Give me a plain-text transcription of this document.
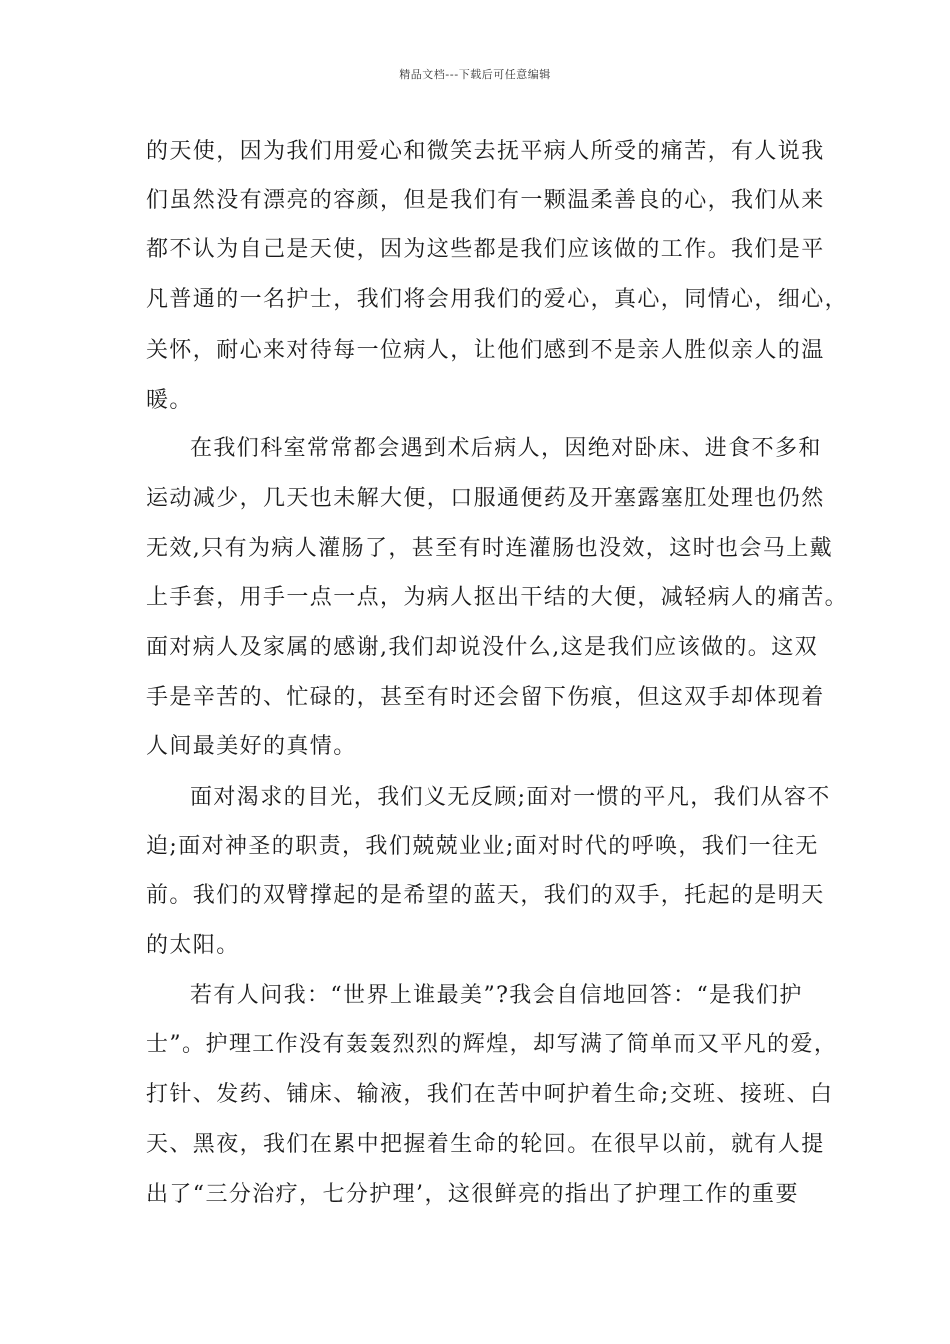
精品文档---下载后可任意编辑
的天使，因为我们用爱心和微笑去抚平病人所受的痛苦，有人说我
们虽然没有漂亮的容颜，但是我们有一颗温柔善良的心，我们从来
都不认为自己是天使，因为这些都是我们应该做的工作。我们是平
凡普通的一名护士，我们将会用我们的爱心，真心，同情心，细心，
关怀，耐心来对待每一位病人，让他们感到不是亲人胜似亲人的温
暖。
在我们科室常常都会遇到术后病人，因绝对卧床、进食不多和
运动减少，几天也未解大便，口服通便药及开塞露塞肛处理也仍然
无效,只有为病人灌肠了，甚至有时连灌肠也没效，这时也会马上戴
上手套，用手一点一点，为病人抠出干结的大便，减轻病人的痛苦。
面对病人及家属的感谢,我们却说没什么,这是我们应该做的。这双
手是辛苦的、忙碌的，甚至有时还会留下伤痕，但这双手却体现着
人间最美好的真情。
面对渴求的目光，我们义无反顾;面对一惯的平凡，我们从容不
迫;面对神圣的职责，我们兢兢业业;面对时代的呼唤，我们一往无
前。我们的双臂撑起的是希望的蓝天，我们的双手，托起的是明天
的太阳。
若有人问我：“世界上谁最美”?我会自信地回答：“是我们护
士”。护理工作没有轰轰烈烈的辉煌，却写满了简单而又平凡的爱，
打针、发药、铺床、输液，我们在苦中呵护着生命;交班、接班、白
天、黑夜，我们在累中把握着生命的轮回。在很早以前，就有人提
出了“三分治疗，七分护理’，这很鲜亮的指出了护理工作的重要
